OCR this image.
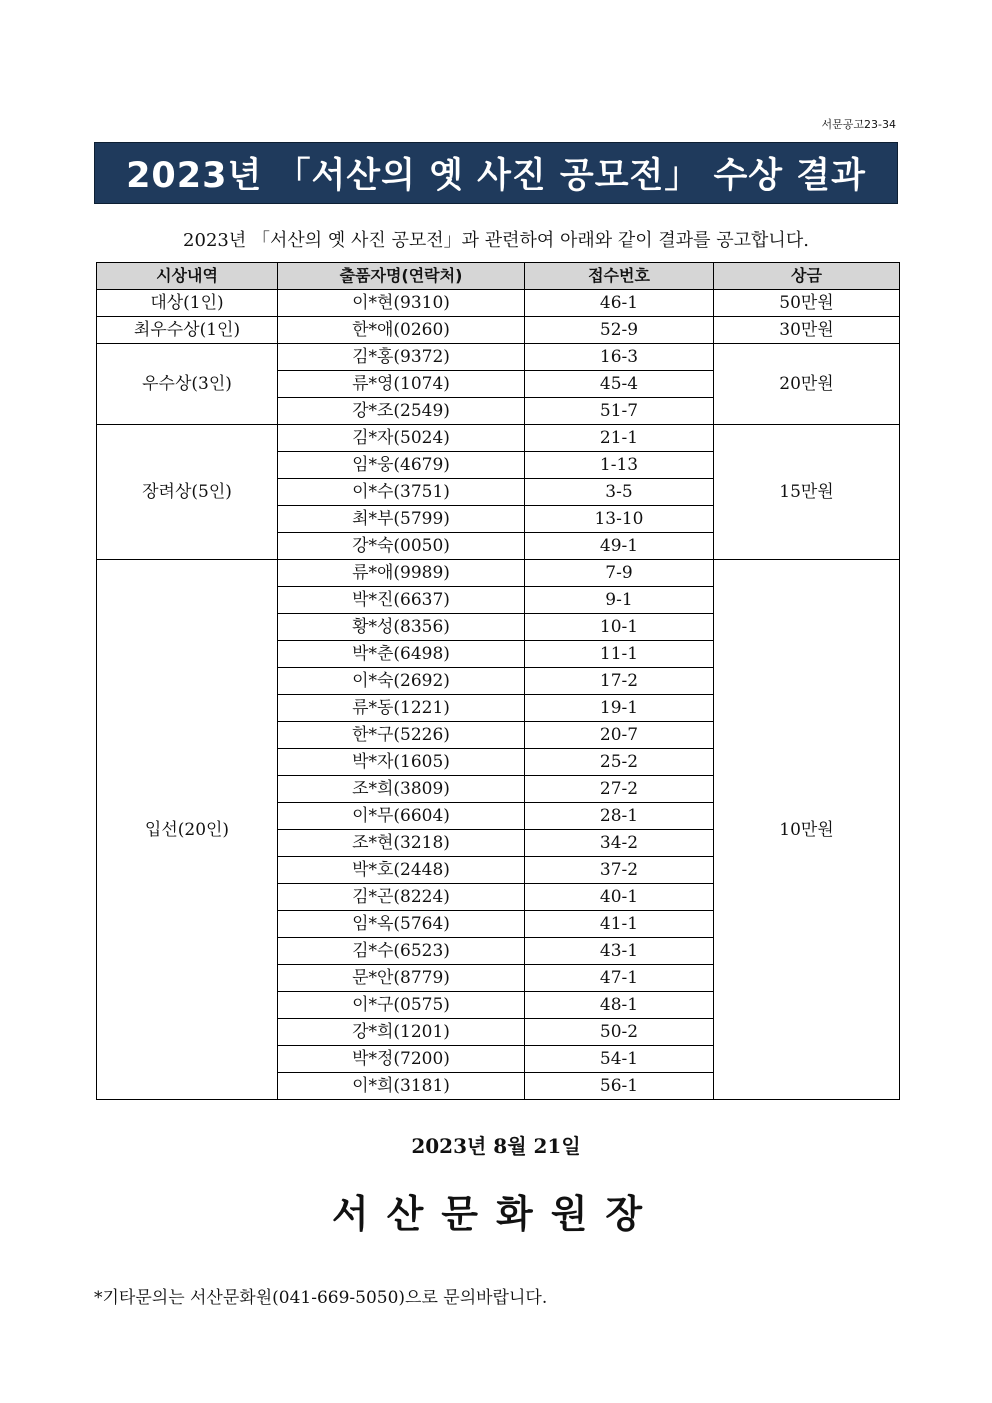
서문공고23-34
2023년 「서산의 옛 사진 공모전」 수상 결과
2023년 「서산의 옛 사진 공모전」과 관련하여 아래와 같이 결과를 공고합니다.
시상내역	출품자명(연락처)	접수번호	상금
대상(1인)	이*현(9310)	46-1	50만원
최우수상(1인)	한*애(0260)	52-9	30만원
우수상(3인)	김*홍(9372)	16-3	20만원
	류*영(1074)	45-4	
	강*조(2549)	51-7	
장려상(5인)	김*자(5024)	21-1	15만원
	임*웅(4679)	1-13	
	이*수(3751)	3-5	
	최*부(5799)	13-10	
	강*숙(0050)	49-1	
입선(20인)	류*애(9989)	7-9	10만원
	박*진(6637)	9-1	
	황*성(8356)	10-1	
	박*춘(6498)	11-1	
	이*숙(2692)	17-2	
	류*동(1221)	19-1	
	한*구(5226)	20-7	
	박*자(1605)	25-2	
	조*희(3809)	27-2	
	이*무(6604)	28-1	
	조*현(3218)	34-2	
	박*호(2448)	37-2	
	김*곤(8224)	40-1	
	임*옥(5764)	41-1	
	김*수(6523)	43-1	
	문*안(8779)	47-1	
	이*구(0575)	48-1	
	강*희(1201)	50-2	
	박*정(7200)	54-1	
	이*희(3181)	56-1	
2023년 8월 21일
서산문화원장
*기타문의는 서산문화원(041-669-5050)으로 문의바랍니다.
